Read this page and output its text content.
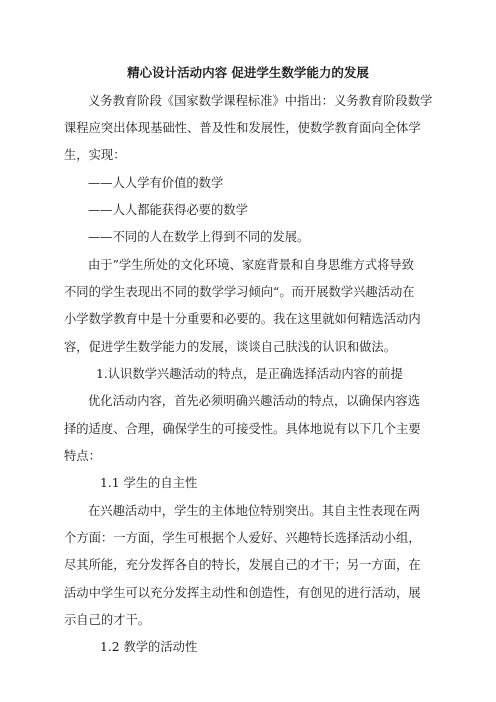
精心设计活动内容 促进学生数学能力的发展
义务教育阶段《国家数学课程标准》中指出：义务教育阶段数学
课程应突出体现基础性、普及性和发展性，使数学教育面向全体学
生，实现：
——人人学有价值的数学
——人人都能获得必要的数学
——不同的人在数学上得到不同的发展。
由于”学生所处的文化环境、家庭背景和自身思维方式将导致
不同的学生表现出不同的数学学习倾向“。而开展数学兴趣活动在
小学数学教育中是十分重要和必要的。我在这里就如何精选活动内
容，促进学生数学能力的发展，谈谈自己肤浅的认识和做法。
1.认识数学兴趣活动的特点，是正确选择活动内容的前提
优化活动内容，首先必须明确兴趣活动的特点，以确保内容选
择的适度、合理，确保学生的可接受性。具体地说有以下几个主要
特点：
1.1 学生的自主性
在兴趣活动中，学生的主体地位特别突出。其自主性表现在两
个方面：一方面，学生可根据个人爱好、兴趣特长选择活动小组，
尽其所能，充分发挥各自的特长，发展自己的才干；另一方面，在
活动中学生可以充分发挥主动性和创造性，有创见的进行活动，展
示自己的才干。
1.2 教学的活动性
